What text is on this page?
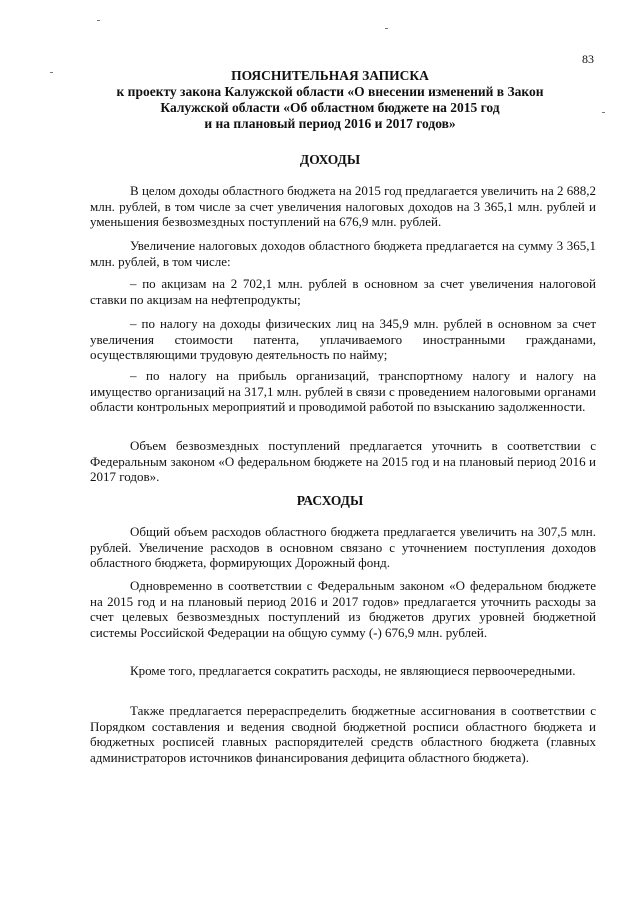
83
ПОЯСНИТЕЛЬНАЯ ЗАПИСКА
к проекту закона Калужской области «О внесении изменений в Закон
Калужской области «Об областном бюджете на 2015 год
и на плановый период 2016 и 2017 годов»
ДОХОДЫ
В целом доходы областного бюджета на 2015 год предлагается увеличить на 2 688,2 млн. рублей, в том числе за счет увеличения налоговых доходов на 3 365,1 млн. рублей и уменьшения безвозмездных поступлений на 676,9 млн. рублей.
Увеличение налоговых доходов областного бюджета предлагается на сумму 3 365,1 млн. рублей, в том числе:
– по акцизам на 2 702,1 млн. рублей в основном за счет увеличения налоговой ставки по акцизам на нефтепродукты;
– по налогу на доходы физических лиц на 345,9 млн. рублей в основном за счет увеличения стоимости патента, уплачиваемого иностранными гражданами, осуществляющими трудовую деятельность по найму;
– по налогу на прибыль организаций, транспортному налогу и налогу на имущество организаций на 317,1 млн. рублей в связи с проведением налоговыми органами области контрольных мероприятий и проводимой работой по взысканию задолженности.
Объем безвозмездных поступлений предлагается уточнить в соответствии с Федеральным законом «О федеральном бюджете на 2015 год и на плановый период 2016 и 2017 годов».
РАСХОДЫ
Общий объем расходов областного бюджета предлагается увеличить на 307,5 млн. рублей. Увеличение расходов в основном связано с уточнением поступления доходов областного бюджета, формирующих Дорожный фонд.
Одновременно в соответствии с Федеральным законом «О федеральном бюджете на 2015 год и на плановый период 2016 и 2017 годов» предлагается уточнить расходы за счет целевых безвозмездных поступлений из бюджетов других уровней бюджетной системы Российской Федерации на общую сумму (-) 676,9 млн. рублей.
Кроме того, предлагается сократить расходы, не являющиеся первоочередными.
Также предлагается перераспределить бюджетные ассигнования в соответствии с Порядком составления и ведения сводной бюджетной росписи областного бюджета и бюджетных росписей главных распорядителей средств областного бюджета (главных администраторов источников финансирования дефицита областного бюджета).
